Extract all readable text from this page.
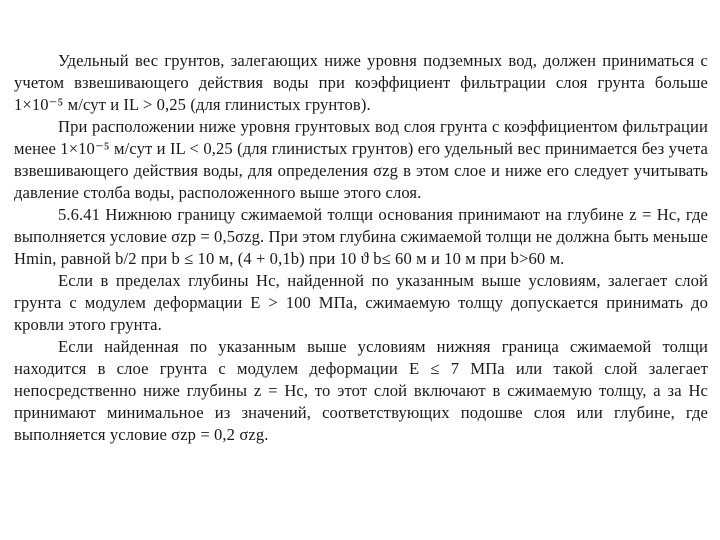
Удельный вес грунтов, залегающих ниже уровня подземных вод, должен приниматься с учетом взвешивающего действия воды при коэффициент фильтрации слоя грунта больше 1×10⁻⁵ м/сут и IL > 0,25 (для глинистых грунтов).

При расположении ниже уровня грунтовых вод слоя грунта с коэффициентом фильтрации менее 1×10⁻⁵ м/сут и IL < 0,25 (для глинистых грунтов) его удельный вес принимается без учета взвешивающего действия воды, для определения σzg в этом слое и ниже его следует учитывать давление столба воды, расположенного выше этого слоя.

5.6.41 Нижнюю границу сжимаемой толщи основания принимают на глубине z = Hc, где выполняется условие σzp = 0,5σzg. При этом глубина сжимаемой толщи не должна быть меньше Hmin, равной b/2 при b ≤ 10 м, (4 + 0,1b) при 10 ϑ b≤ 60 м и 10 м при b>60 м.

Если в пределах глубины Hc, найденной по указанным выше условиям, залегает слой грунта с модулем деформации E > 100 МПа, сжимаемую толщу допускается принимать до кровли этого грунта.

Если найденная по указанным выше условиям нижняя граница сжимаемой толщи находится в слое грунта с модулем деформации E ≤ 7 МПа или такой слой залегает непосредственно ниже глубины z = Hc, то этот слой включают в сжимаемую толщу, а за Hc принимают минимальное из значений, соответствующих подошве слоя или глубине, где выполняется условие σzp = 0,2 σzg.
